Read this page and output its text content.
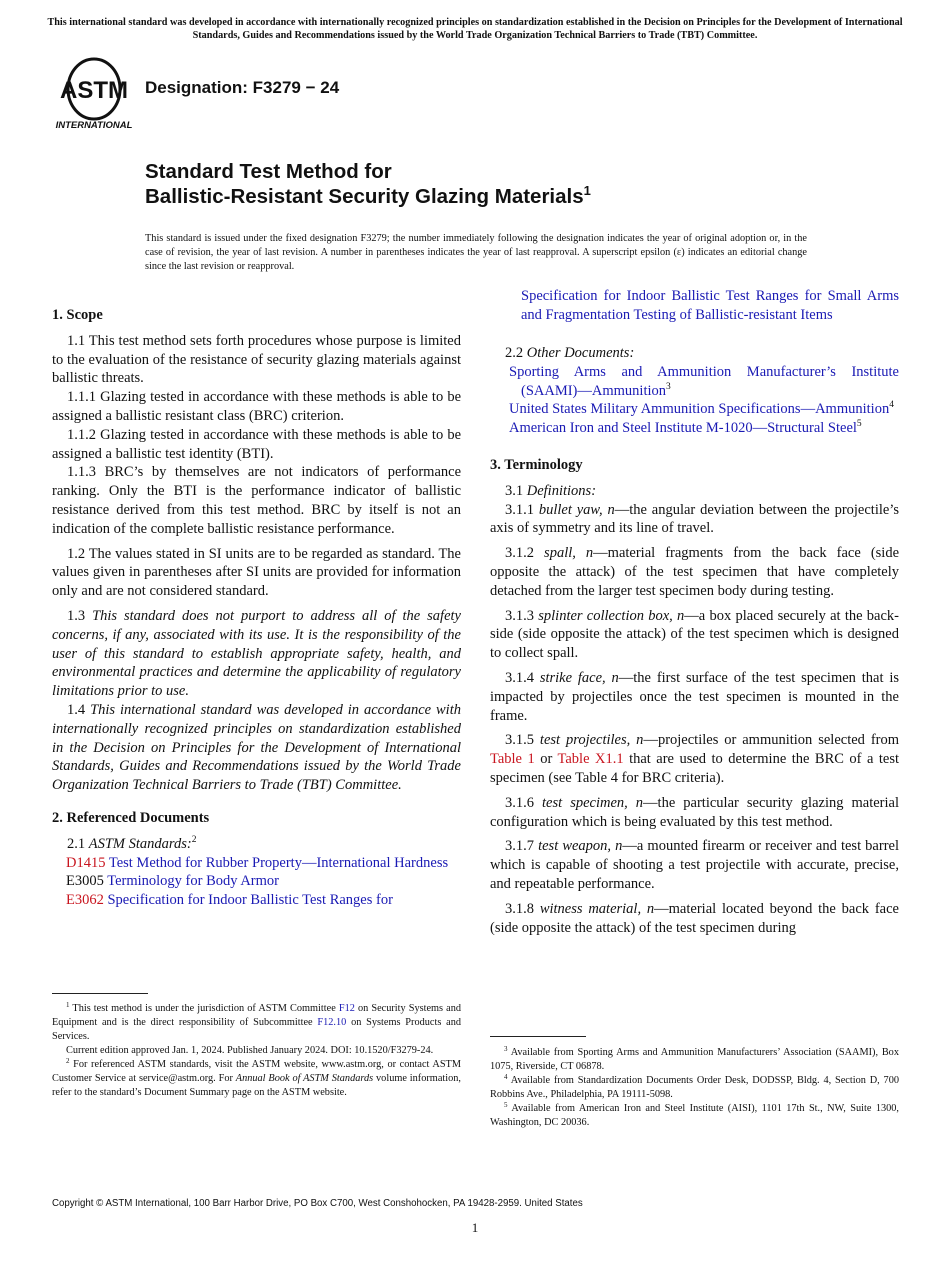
This international standard was developed in accordance with internationally recognized principles on standardization established in the Decision on Principles for the Development of International Standards, Guides and Recommendations issued by the World Trade Organization Technical Barriers to Trade (TBT) Committee.
ASTM
INTERNATIONAL
Designation: F3279 − 24
Standard Test Method for
Ballistic-Resistant Security Glazing Materials$^1$
This standard is issued under the fixed designation F3279; the number immediately following the designation indicates the year of original adoption or, in the case of revision, the year of last revision. A number in parentheses indicates the year of last reapproval. A superscript epsilon (ε) indicates an editorial change since the last revision or reapproval.

1. Scope

1.1 This test method sets forth procedures whose purpose is limited to the evaluation of the resistance of security glazing materials against ballistic threats.

1.1.1 Glazing tested in accordance with these methods is able to be assigned a ballistic resistant class (BRC) criterion.

1.1.2 Glazing tested in accordance with these methods is able to be assigned a ballistic test identity (BTI).

1.1.3 BRC’s by themselves are not indicators of performance ranking. Only the BTI is the performance indicator of ballistic resistance derived from this test method. BRC by itself is not an indication of the complete ballistic resistance performance.

1.2 The values stated in SI units are to be regarded as standard. The values given in parentheses after SI units are provided for information only and are not considered standard.

1.3 This standard does not purport to address all of the safety concerns, if any, associated with its use. It is the responsibility of the user of this standard to establish appropriate safety, health, and environmental practices and determine the applicability of regulatory limitations prior to use.

1.4 This international standard was developed in accordance with internationally recognized principles on standardization established in the Decision on Principles for the Development of International Standards, Guides and Recommendations issued by the World Trade Organization Technical Barriers to Trade (TBT) Committee.

2. Referenced Documents

2.1 ASTM Standards:$^2$

D1415 Test Method for Rubber Property—International Hardness

E3005 Terminology for Body Armor

E3062 Specification for Indoor Ballistic Test Ranges for

Specification for Indoor Ballistic Test Ranges for Small Arms and Fragmentation Testing of Ballistic-resistant Items

2.2 Other Documents:

Sporting Arms and Ammunition Manufacturer’s Institute (SAAMI)—Ammunition$^3$

United States Military Ammunition Specifications—Ammunition$^4$

American Iron and Steel Institute M-1020—Structural Steel$^5$

3. Terminology

3.1 Definitions:

3.1.1 bullet yaw, n—the angular deviation between the projectile’s axis of symmetry and its line of travel.

3.1.2 spall, n—material fragments from the back face (side opposite the attack) of the test specimen that have completely detached from the larger test specimen body during testing.

3.1.3 splinter collection box, n—a box placed securely at the back-side (side opposite the attack) of the test specimen which is designed to collect spall.

3.1.4 strike face, n—the first surface of the test specimen that is impacted by projectiles once the test specimen is mounted in the frame.

3.1.5 test projectiles, n—projectiles or ammunition selected from Table 1 or Table X1.1 that are used to determine the BRC of a test specimen (see Table 4 for BRC criteria).

3.1.6 test specimen, n—the particular security glazing material configuration which is being evaluated by this test method.

3.1.7 test weapon, n—a mounted firearm or receiver and test barrel which is capable of shooting a test projectile with accurate, precise, and repeatable performance.

3.1.8 witness material, n—material located beyond the back face (side opposite the attack) of the test specimen during

$^1$ This test method is under the jurisdiction of ASTM Committee F12 on Security Systems and Equipment and is the direct responsibility of Subcommittee F12.10 on Systems Products and Services.

Current edition approved Jan. 1, 2024. Published January 2024. DOI: 10.1520/F3279-24.

$^2$ For referenced ASTM standards, visit the ASTM website, www.astm.org, or contact ASTM Customer Service at service@astm.org. For Annual Book of ASTM Standards volume information, refer to the standard’s Document Summary page on the ASTM website.

$^3$ Available from Sporting Arms and Ammunition Manufacturers’ Association (SAAMI), Box 1075, Riverside, CT 06878.

$^4$ Available from Standardization Documents Order Desk, DODSSP, Bldg. 4, Section D, 700 Robbins Ave., Philadelphia, PA 19111-5098.

$^5$ Available from American Iron and Steel Institute (AISI), 1101 17th St., NW, Suite 1300, Washington, DC 20036.

Copyright © ASTM International, 100 Barr Harbor Drive, PO Box C700, West Conshohocken, PA 19428-2959. United States
1
